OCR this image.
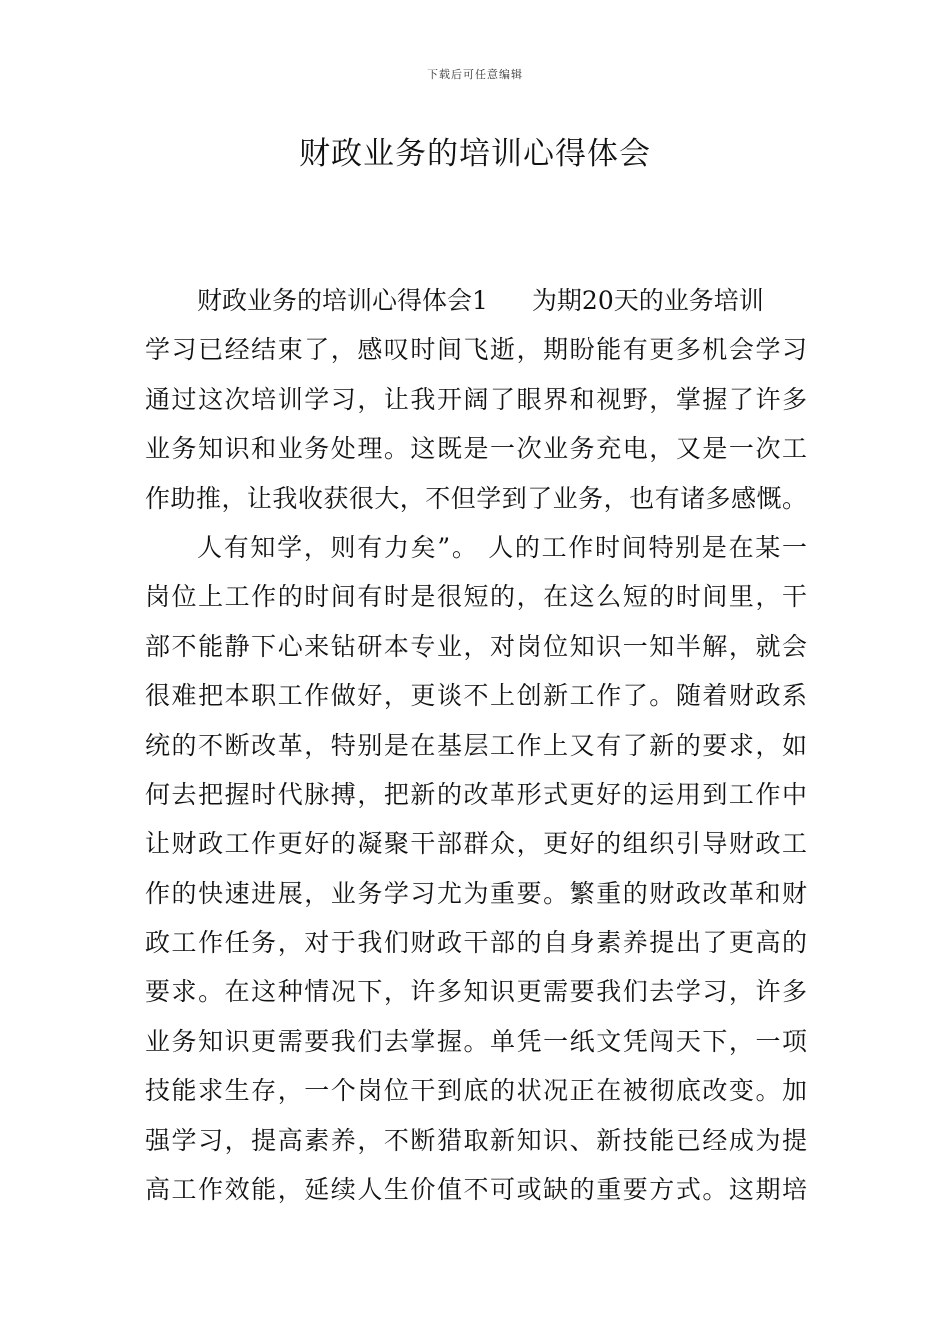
下载后可任意编辑
财政业务的培训心得体会
财政业务的培训心得体会1 为期20天的业务培训
学习已经结束了，感叹时间飞逝，期盼能有更多机会学习
通过这次培训学习，让我开阔了眼界和视野，掌握了许多
业务知识和业务处理。这既是一次业务充电，又是一次工
作助推，让我收获很大，不但学到了业务，也有诸多感慨。
人有知学，则有力矣”。 人的工作时间特别是在某一
岗位上工作的时间有时是很短的，在这么短的时间里，干
部不能静下心来钻研本专业，对岗位知识一知半解，就会
很难把本职工作做好，更谈不上创新工作了。随着财政系
统的不断改革，特别是在基层工作上又有了新的要求，如
何去把握时代脉搏，把新的改革形式更好的运用到工作中
让财政工作更好的凝聚干部群众，更好的组织引导财政工
作的快速进展，业务学习尤为重要。繁重的财政改革和财
政工作任务，对于我们财政干部的自身素养提出了更高的
要求。在这种情况下，许多知识更需要我们去学习，许多
业务知识更需要我们去掌握。单凭一纸文凭闯天下，一项
技能求生存，一个岗位干到底的状况正在被彻底改变。加
强学习，提高素养，不断猎取新知识、新技能已经成为提
高工作效能，延续人生价值不可或缺的重要方式。这期培
